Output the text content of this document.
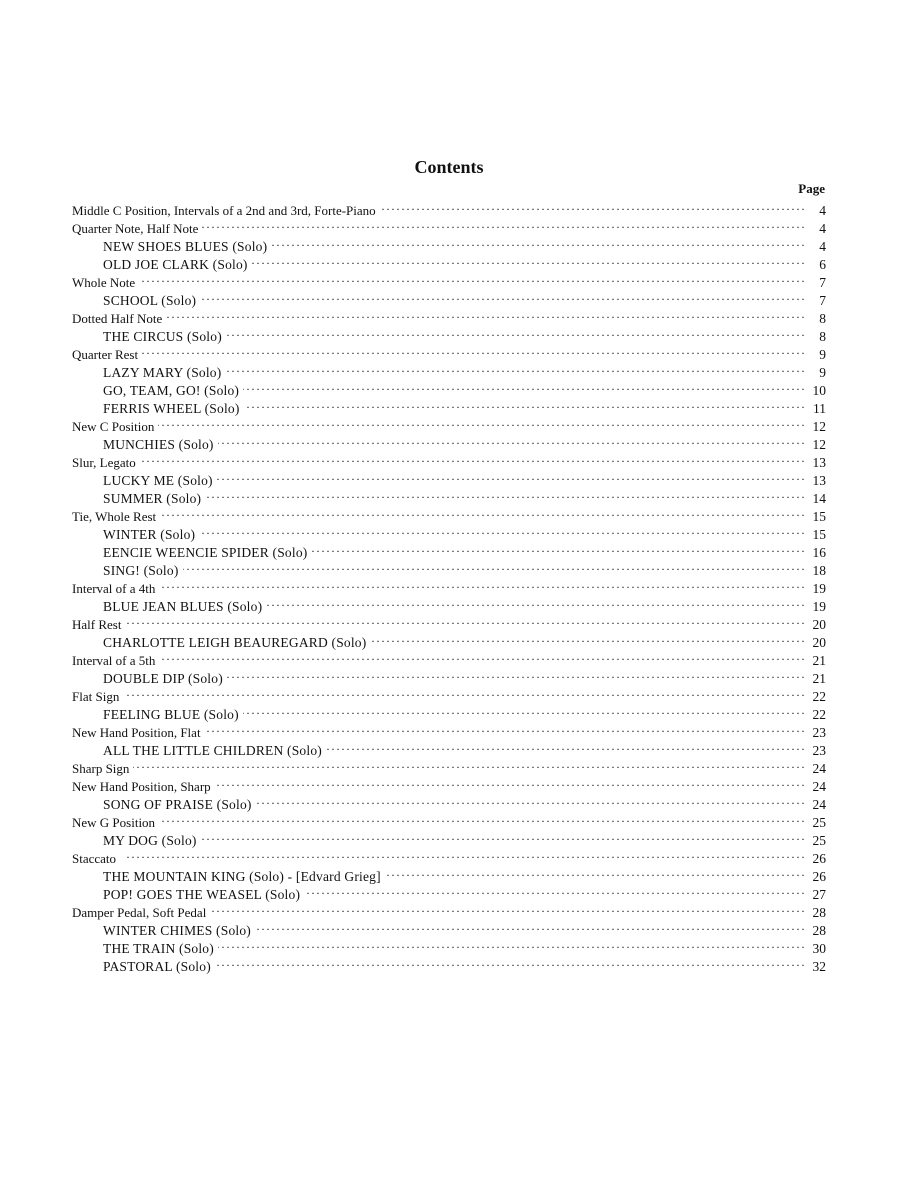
Contents
Page
Middle C Position, Intervals of a 2nd and 3rd, Forte-Piano . . .	4
Quarter Note, Half Note . . .	4
NEW SHOES BLUES (Solo) . . .	4
OLD JOE CLARK (Solo) . . .	6
Whole Note . . .	7
SCHOOL (Solo) . . .	7
Dotted Half Note . . .	8
THE CIRCUS (Solo) . . .	8
Quarter Rest . . .	9
LAZY MARY (Solo) . . .	9
GO, TEAM, GO! (Solo) . . .	10
FERRIS WHEEL (Solo) . . .	11
New C Position . . .	12
MUNCHIES (Solo) . . .	12
Slur, Legato . . .	13
LUCKY ME (Solo) . . .	13
SUMMER (Solo) . . .	14
Tie, Whole Rest . . .	15
WINTER (Solo) . . .	15
EENCIE WEENCIE SPIDER (Solo) . . .	16
SING! (Solo) . . .	18
Interval of a 4th . . .	19
BLUE JEAN BLUES (Solo) . . .	19
Half Rest . . .	20
CHARLOTTE LEIGH BEAUREGARD (Solo) . . .	20
Interval of a 5th . . .	21
DOUBLE DIP (Solo) . . .	21
Flat Sign . . .	22
FEELING BLUE (Solo) . . .	22
New Hand Position, Flat . . .	23
ALL THE LITTLE CHILDREN (Solo) . . .	23
Sharp Sign . . .	24
New Hand Position, Sharp . . .	24
SONG OF PRAISE (Solo) . . .	24
New G Position . . .	25
MY DOG (Solo) . . .	25
Staccato . . .	26
THE MOUNTAIN KING (Solo) - [Edvard Grieg] . . .	26
POP! GOES THE WEASEL (Solo) . . .	27
Damper Pedal, Soft Pedal . . .	28
WINTER CHIMES (Solo) . . .	28
THE TRAIN (Solo) . . .	30
PASTORAL (Solo) . . .	32
